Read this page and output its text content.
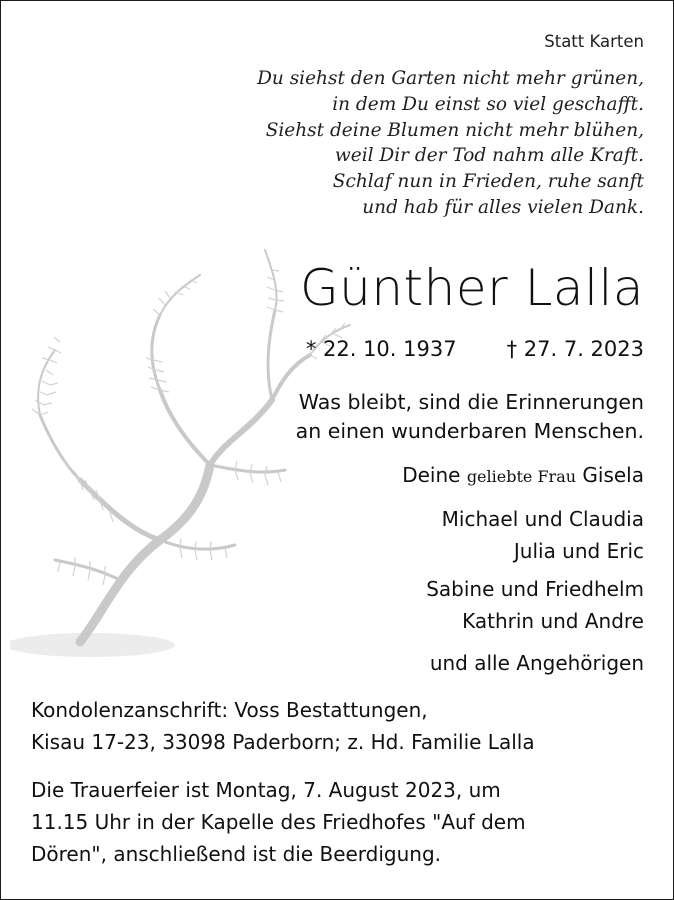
Statt Karten
Du siehst den Garten nicht mehr grünen,
in dem Du einst so viel geschafft.
Siehst deine Blumen nicht mehr blühen,
weil Dir der Tod nahm alle Kraft.
Schlaf nun in Frieden, ruhe sanft
und hab für alles vielen Dank.
Günther Lalla
* 22. 10. 1937 † 27. 7. 2023
Was bleibt, sind die Erinnerungen
an einen wunderbaren Menschen.
Deine geliebte Frau Gisela
Michael und Claudia
Julia und Eric
Sabine und Friedhelm
Kathrin und Andre
und alle Angehörigen
Kondolenzanschrift: Voss Bestattungen,
Kisau 17-23, 33098 Paderborn; z. Hd. Familie Lalla
Die Trauerfeier ist Montag, 7. August 2023, um
11.15 Uhr in der Kapelle des Friedhofes "Auf dem
Dören", anschließend ist die Beerdigung.
